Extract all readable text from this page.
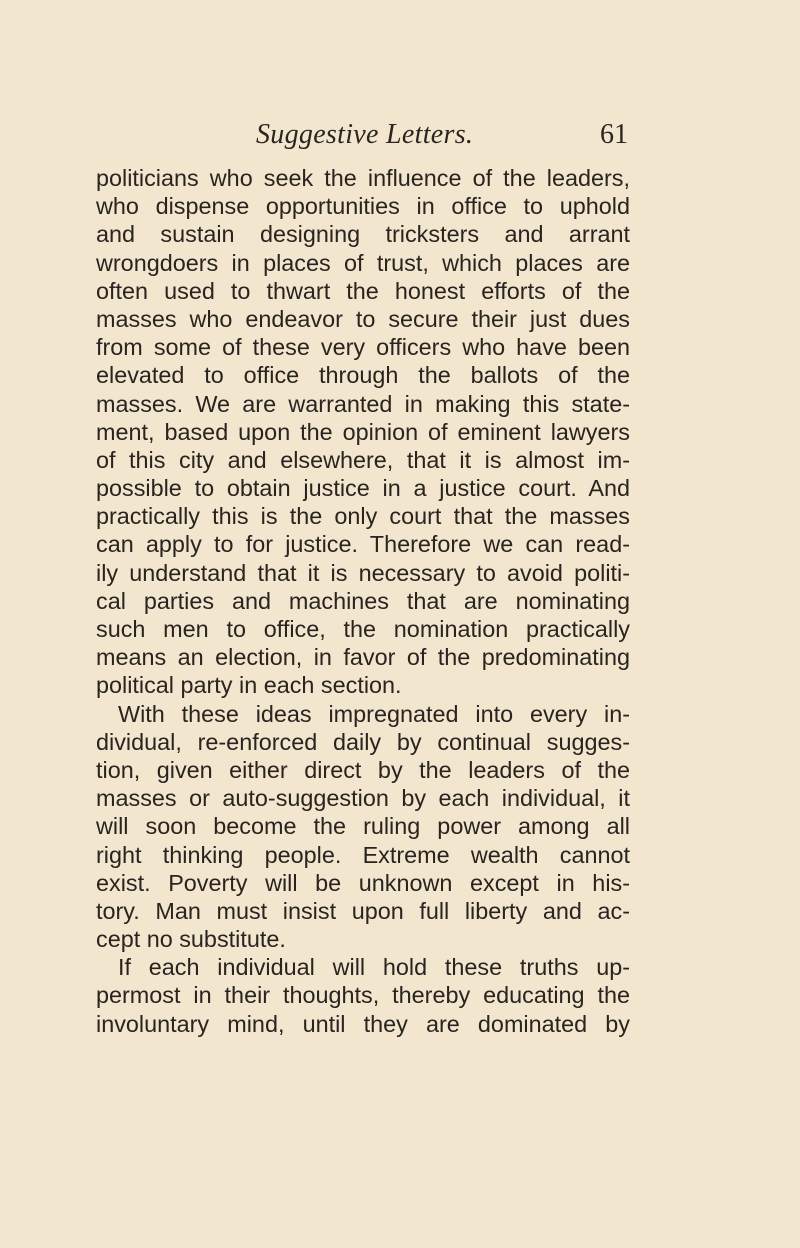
Suggestive Letters.	61
politicians who seek the influence of the leaders,
who dispense opportunities in office to uphold
and sustain designing tricksters and arrant
wrongdoers in places of trust, which places are
often used to thwart the honest efforts of the
masses who endeavor to secure their just dues
from some of these very officers who have been
elevated to office through the ballots of the
masses. We are warranted in making this state-
ment, based upon the opinion of eminent lawyers
of this city and elsewhere, that it is almost im-
possible to obtain justice in a justice court. And
practically this is the only court that the masses
can apply to for justice. Therefore we can read-
ily understand that it is necessary to avoid politi-
cal parties and machines that are nominating
such men to office, the nomination practically
means an election, in favor of the predominating
political party in each section.
With these ideas impregnated into every in-
dividual, re-enforced daily by continual sugges-
tion, given either direct by the leaders of the
masses or auto-suggestion by each individual, it
will soon become the ruling power among all
right thinking people. Extreme wealth cannot
exist. Poverty will be unknown except in his-
tory. Man must insist upon full liberty and ac-
cept no substitute.
If each individual will hold these truths up-
permost in their thoughts, thereby educating the
involuntary mind, until they are dominated by
